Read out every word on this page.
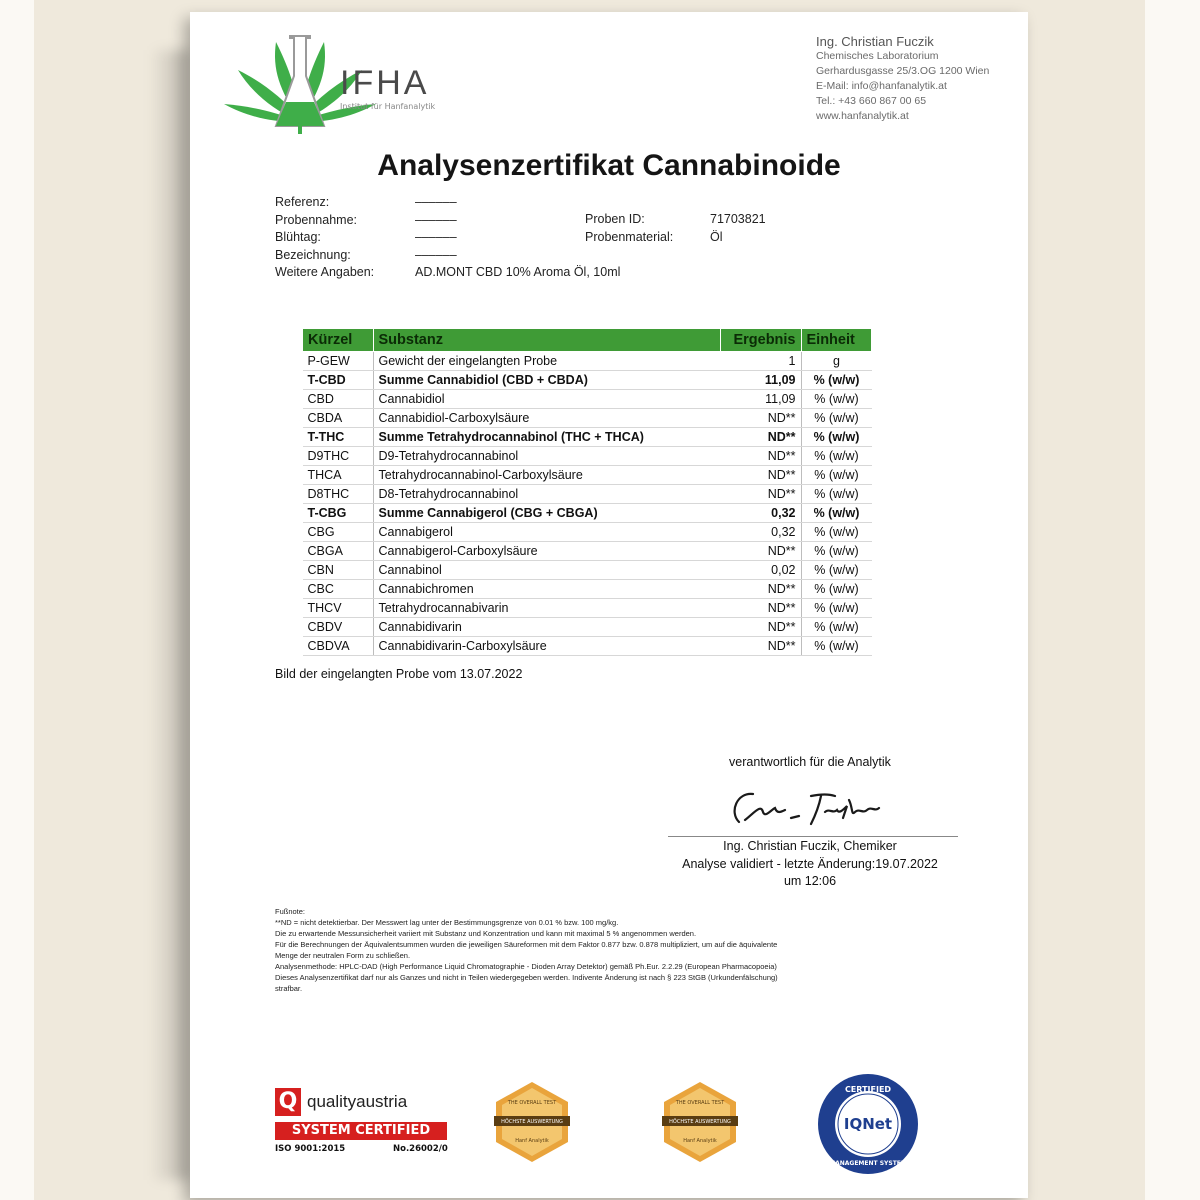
IFHA
Institut für Hanfanalytik
Ing. Christian Fuczik
Chemisches Laboratorium
Gerhardusgasse 25/3.OG 1200 Wien
E-Mail: info@hanfanalytik.at
Tel.: +43 660 867 00 65
www.hanfanalytik.at
Analysenzertifikat Cannabinoide
Referenz:	––––––
Probennahme:	––––––
Blühtag:	––––––
Bezeichnung:	––––––
Weitere Angaben:	AD.MONT CBD 10% Aroma Öl, 10ml
Proben ID:	71703821
Probenmaterial:	Öl
Kürzel	Substanz	Ergebnis	Einheit
P-GEW	Gewicht der eingelangten Probe	1	g
T-CBD	Summe Cannabidiol (CBD + CBDA)	11,09	% (w/w)
CBD	Cannabidiol	11,09	% (w/w)
CBDA	Cannabidiol-Carboxylsäure	ND**	% (w/w)
T-THC	Summe Tetrahydrocannabinol (THC + THCA)	ND**	% (w/w)
D9THC	D9-Tetrahydrocannabinol	ND**	% (w/w)
THCA	Tetrahydrocannabinol-Carboxylsäure	ND**	% (w/w)
D8THC	D8-Tetrahydrocannabinol	ND**	% (w/w)
T-CBG	Summe Cannabigerol (CBG + CBGA)	0,32	% (w/w)
CBG	Cannabigerol	0,32	% (w/w)
CBGA	Cannabigerol-Carboxylsäure	ND**	% (w/w)
CBN	Cannabinol	0,02	% (w/w)
CBC	Cannabichromen	ND**	% (w/w)
THCV	Tetrahydrocannabivarin	ND**	% (w/w)
CBDV	Cannabidivarin	ND**	% (w/w)
CBDVA	Cannabidivarin-Carboxylsäure	ND**	% (w/w)
Bild der eingelangten Probe vom 13.07.2022
verantwortlich für die Analytik
Ing. Christian Fuczik, Chemiker
Analyse validiert - letzte Änderung:19.07.2022
um 12:06
Fußnote:
**ND = nicht detektierbar. Der Messwert lag unter der Bestimmungsgrenze von 0.01 % bzw. 100 mg/kg.
Die zu erwartende Messunsicherheit variiert mit Substanz und Konzentration und kann mit maximal 5 % angenommen werden.
Für die Berechnungen der Äquivalentsummen wurden die jeweiligen Säureformen mit dem Faktor 0.877 bzw. 0.878 multipliziert, um auf die äquivalente
Menge der neutralen Form zu schließen.
Analysenmethode: HPLC-DAD (High Performance Liquid Chromatographie - Dioden Array Detektor) gemäß Ph.Eur. 2.2.29 (European Pharmacopoeia)
Dieses Analysenzertifikat darf nur als Ganzes und nicht in Teilen wiedergegeben werden. Indivente Änderung ist nach § 223 StGB (Urkundenfälschung)
strafbar.
Q qualityaustria
SYSTEM CERTIFIED
ISO 9001:2015	No.26002/0
THE OVERALL TEST
HÖCHSTE AUSWERTUNG
Hanf Analytik
THE OVERALL TEST
HÖCHSTE AUSWERTUNG
Hanf Analytik
CERTIFIED
IQNet
MANAGEMENT SYSTEM
